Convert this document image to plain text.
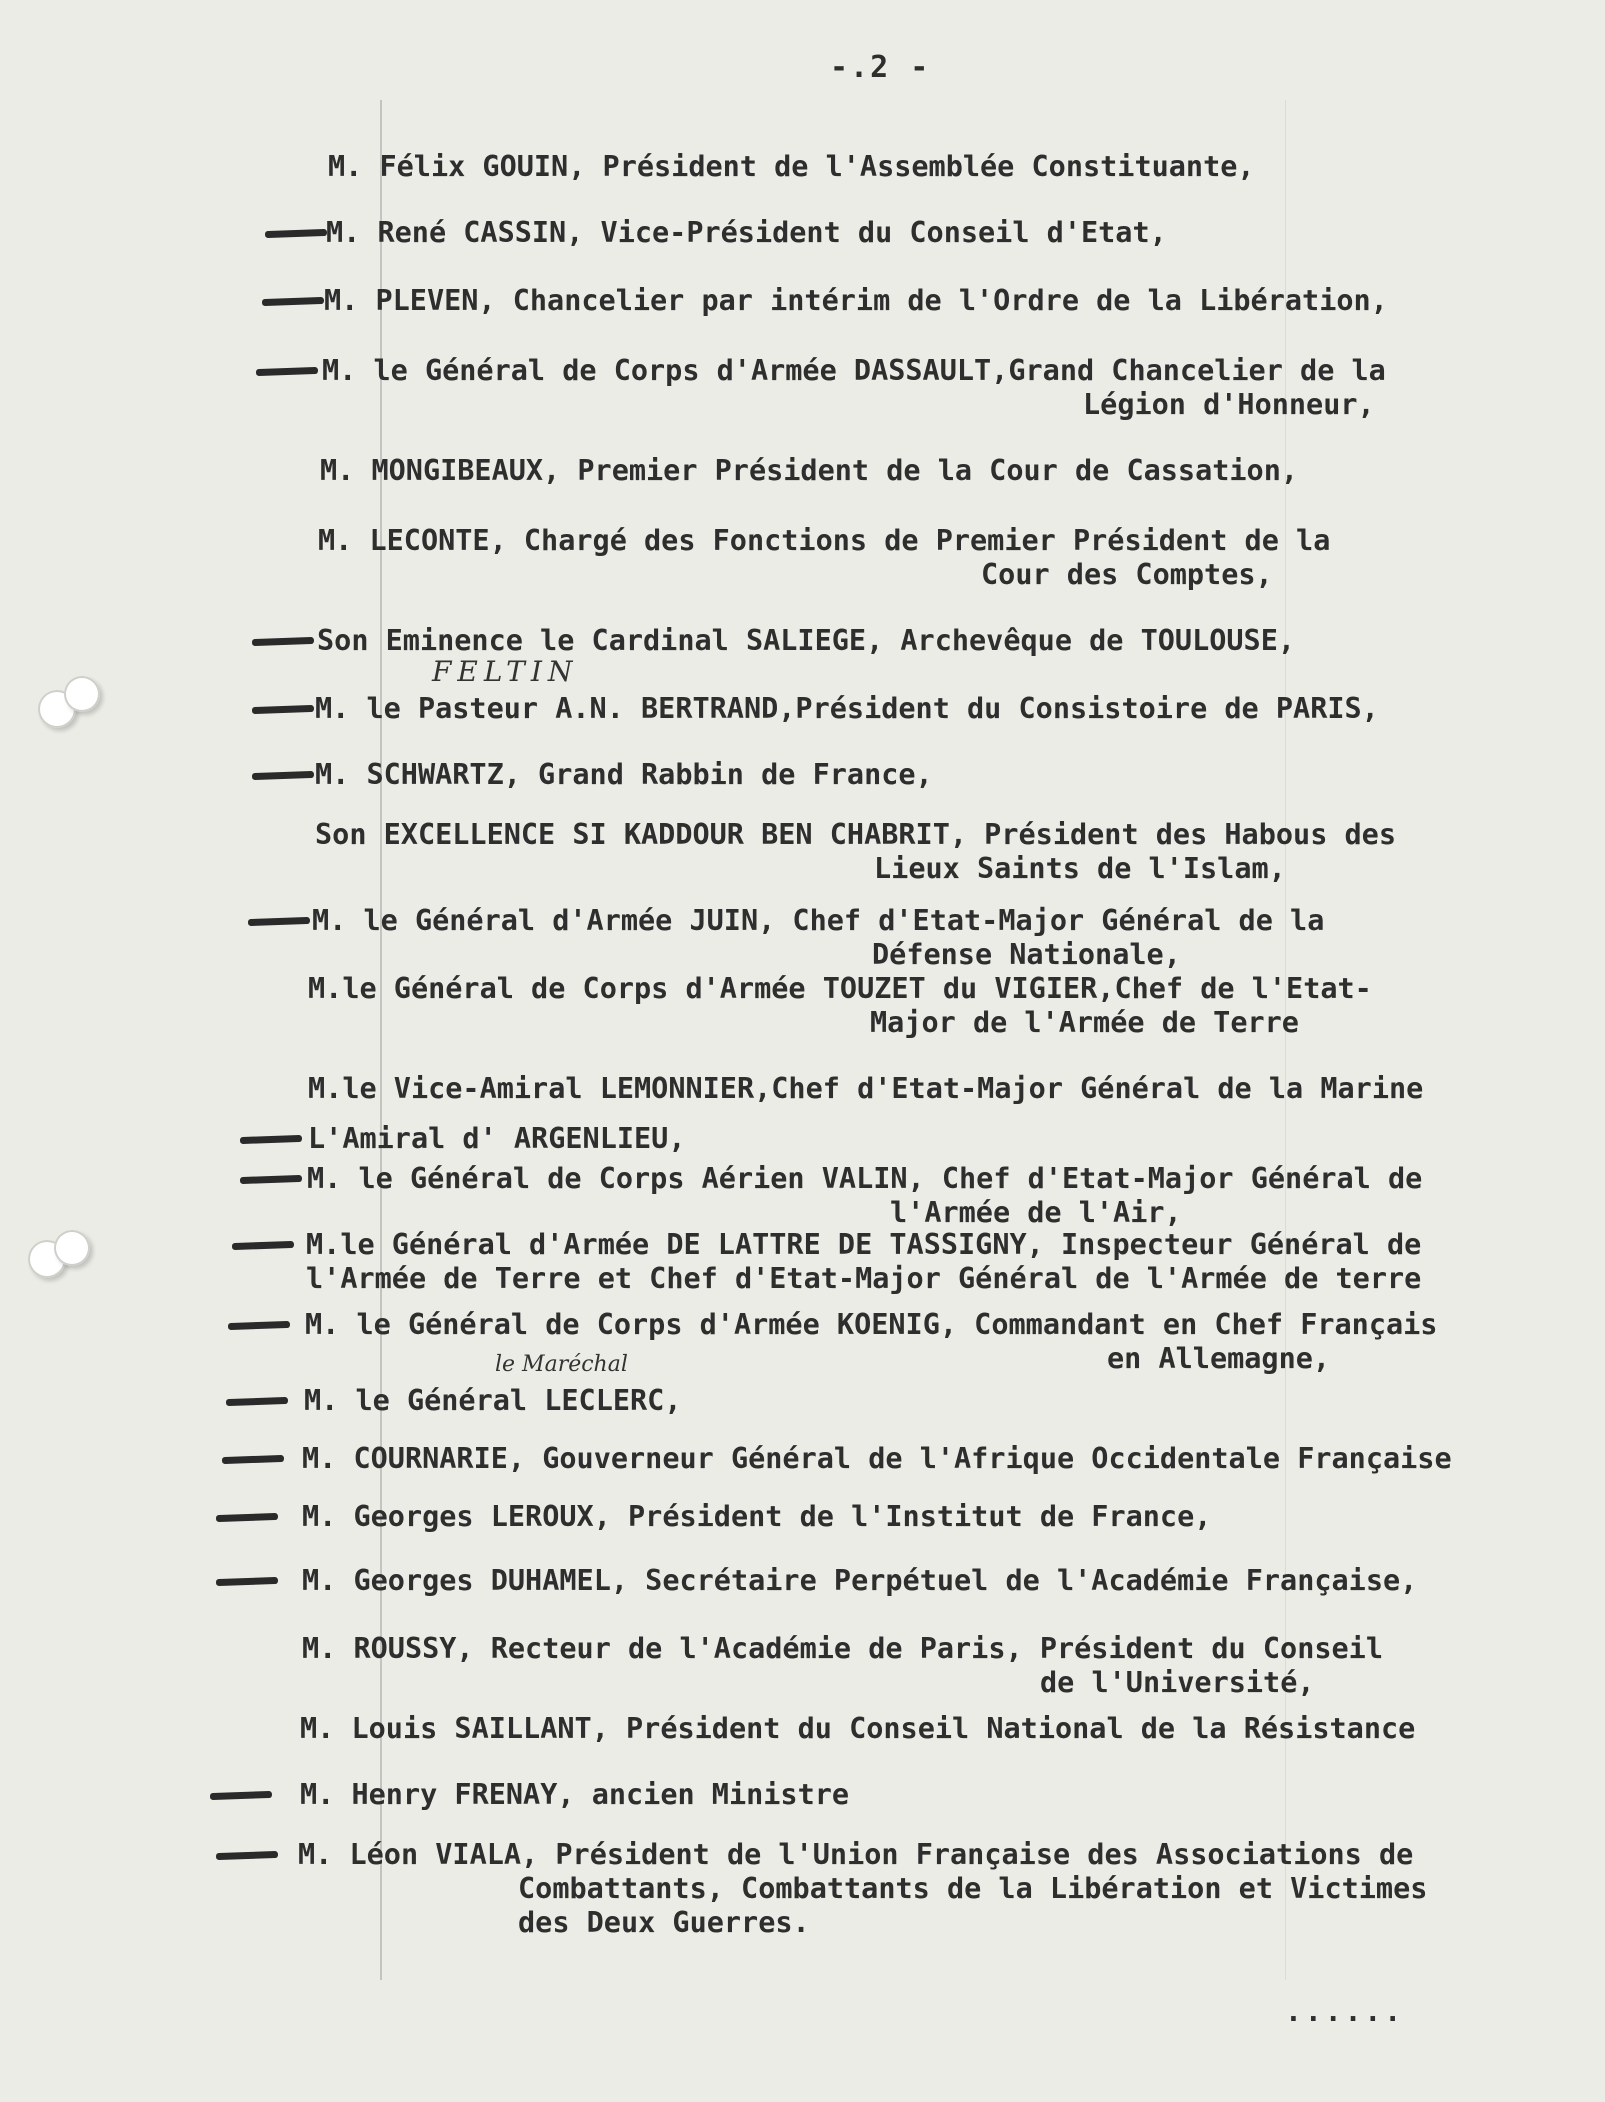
-.2 -
FELTIN
le Maréchal

M. Félix GOUIN, Président de l'Assemblée Constituante,

M. René CASSIN, Vice-Président du Conseil d'Etat,

M. PLEVEN, Chancelier par intérim de l'Ordre de la Libération,

M. le Général de Corps d'Armée DASSAULT,Grand Chancelier de la

Légion d'Honneur,

M. MONGIBEAUX, Premier Président de la Cour de Cassation,

M. LECONTE, Chargé des Fonctions de Premier Président de la

Cour des Comptes,

Son Eminence le Cardinal SALIEGE, Archevêque de TOULOUSE,

M. le Pasteur A.N. BERTRAND,Président du Consistoire de PARIS,

M. SCHWARTZ, Grand Rabbin de France,

Son EXCELLENCE SI KADDOUR BEN CHABRIT, Président des Habous des

Lieux Saints de l'Islam,

M. le Général d'Armée JUIN, Chef d'Etat-Major Général de la

Défense Nationale,

M.le Général de Corps d'Armée TOUZET du VIGIER,Chef de l'Etat-

Major de l'Armée de Terre

M.le Vice-Amiral LEMONNIER,Chef d'Etat-Major Général de la Marine

L'Amiral d' ARGENLIEU,

M. le Général de Corps Aérien VALIN, Chef d'Etat-Major Général de

l'Armée de l'Air,

M.le Général d'Armée DE LATTRE DE TASSIGNY, Inspecteur Général de

l'Armée de Terre et Chef d'Etat-Major Général de l'Armée de terre

M. le Général de Corps d'Armée KOENIG, Commandant en Chef Français

en Allemagne,

M. le Général LECLERC,

M. COURNARIE, Gouverneur Général de l'Afrique Occidentale Française

M. Georges LEROUX, Président de l'Institut de France,

M. Georges DUHAMEL, Secrétaire Perpétuel de l'Académie Française,

M. ROUSSY, Recteur de l'Académie de Paris, Président du Conseil

de l'Université,

M. Louis SAILLANT, Président du Conseil National de la Résistance

M. Henry FRENAY, ancien Ministre

M. Léon VIALA, Président de l'Union Française des Associations de

Combattants, Combattants de la Libération et Victimes

des Deux Guerres.

......
